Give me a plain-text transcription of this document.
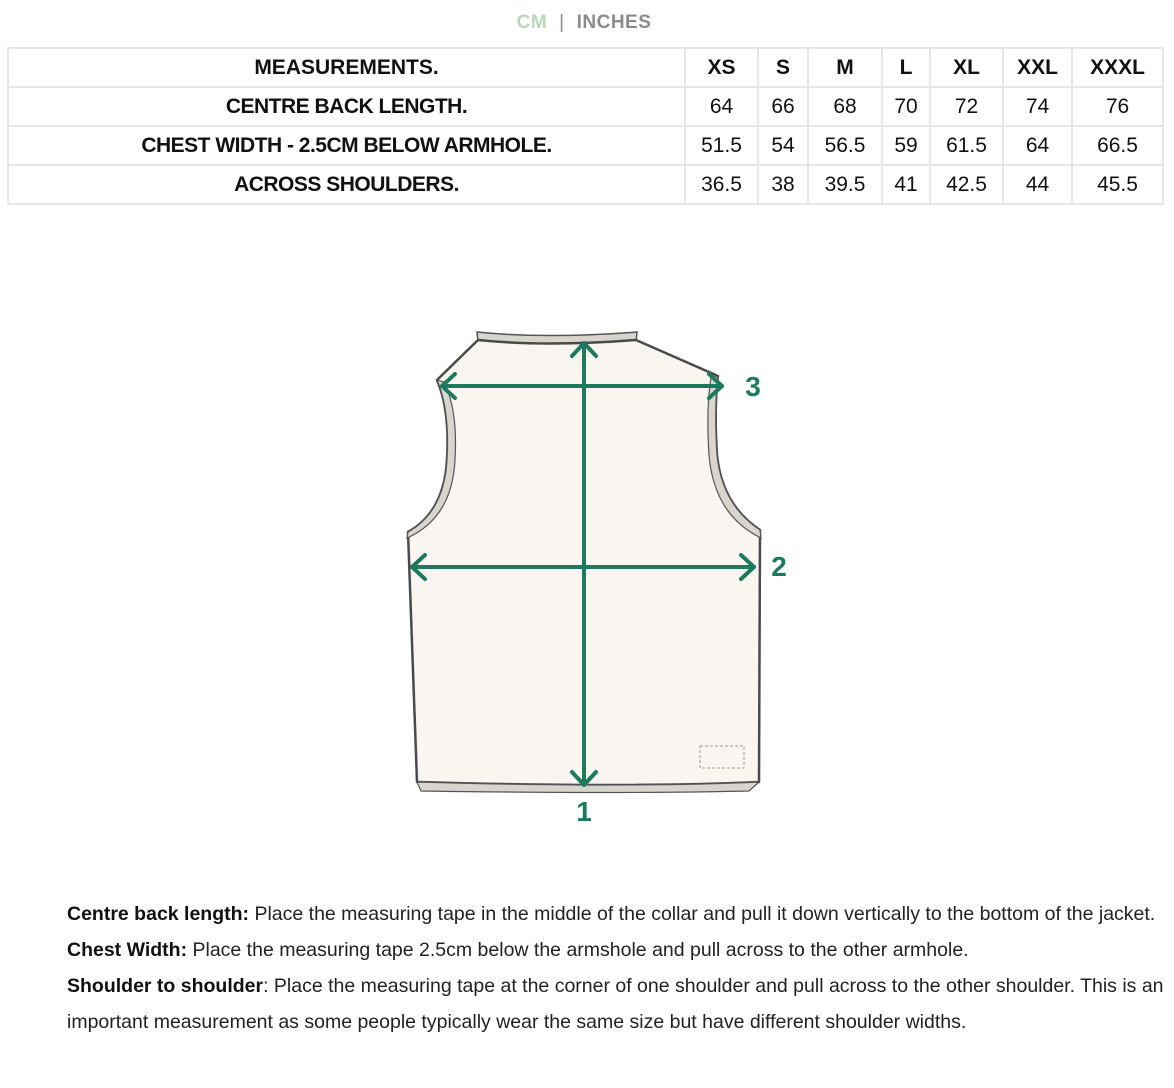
CM | INCHES
MEASUREMENTS.	XS	S	M	L	XL	XXL	XXXL
CENTRE BACK LENGTH.	64	66	68	70	72	74	76
CHEST WIDTH - 2.5CM BELOW ARMHOLE.	51.5	54	56.5	59	61.5	64	66.5
ACROSS SHOULDERS.	36.5	38	39.5	41	42.5	44	45.5
1
2
3

Centre back length: Place the measuring tape in the middle of the collar and pull it down vertically to the bottom of the jacket.

Chest Width: Place the measuring tape 2.5cm below the armshole and pull across to the other armhole.

Shoulder to shoulder: Place the measuring tape at the corner of one shoulder and pull across to the other shoulder. This is an important measurement as some people typically wear the same size but have different shoulder widths.
